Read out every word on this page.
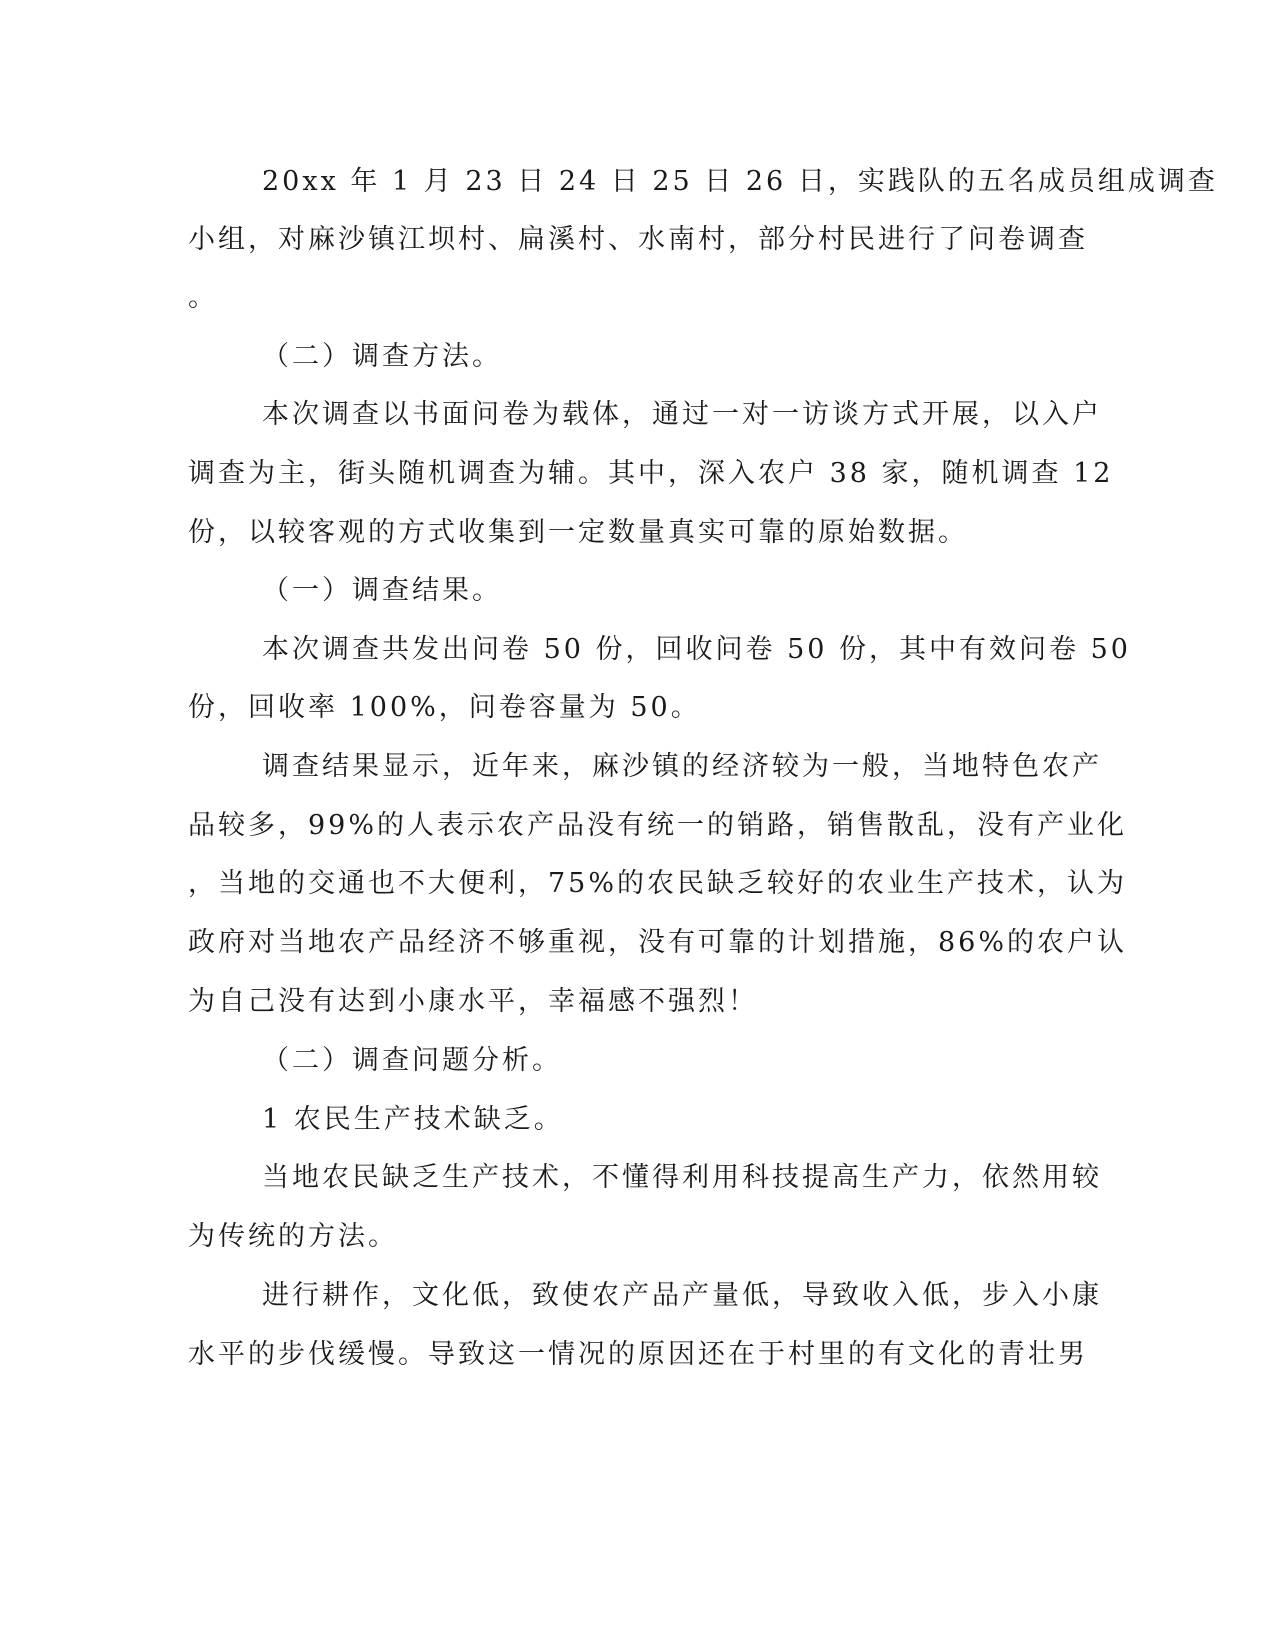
20xx 年 1 月 23 日 24 日 25 日 26 日，实践队的五名成员组成调查
小组，对麻沙镇江坝村、扁溪村、水南村，部分村民进行了问卷调查
。
（二）调查方法。
本次调查以书面问卷为载体，通过一对一访谈方式开展，以入户
调查为主，街头随机调查为辅。其中，深入农户 38 家，随机调查 12
份，以较客观的方式收集到一定数量真实可靠的原始数据。
（一）调查结果。
本次调查共发出问卷 50 份，回收问卷 50 份，其中有效问卷 50
份，回收率 100%，问卷容量为 50。
调查结果显示，近年来，麻沙镇的经济较为一般，当地特色农产
品较多，99%的人表示农产品没有统一的销路，销售散乱，没有产业化
，当地的交通也不大便利，75%的农民缺乏较好的农业生产技术，认为
政府对当地农产品经济不够重视，没有可靠的计划措施，86%的农户认
为自己没有达到小康水平，幸福感不强烈！
（二）调查问题分析。
1 农民生产技术缺乏。
当地农民缺乏生产技术，不懂得利用科技提高生产力，依然用较
为传统的方法。
进行耕作，文化低，致使农产品产量低，导致收入低，步入小康
水平的步伐缓慢。导致这一情况的原因还在于村里的有文化的青壮男
